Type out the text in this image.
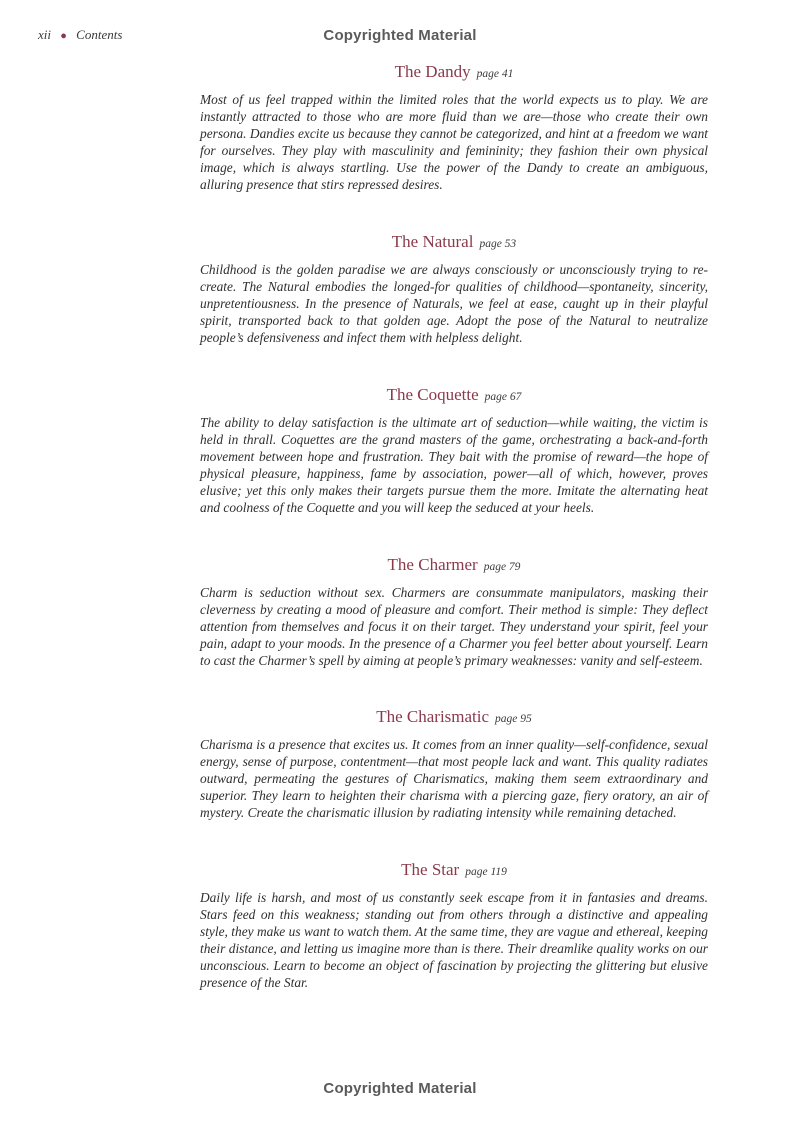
xii ● Contents	Copyrighted Material
The Dandy page 41

Most of us feel trapped within the limited roles that the world expects us to play. We are instantly attracted to those who are more fluid than we are—those who create their own persona. Dandies excite us because they cannot be categorized, and hint at a freedom we want for ourselves. They play with masculinity and femininity; they fashion their own physical image, which is always startling. Use the power of the Dandy to create an ambiguous, alluring presence that stirs repressed desires.

The Natural page 53

Childhood is the golden paradise we are always consciously or unconsciously trying to re-create. The Natural embodies the longed-for qualities of childhood—spontaneity, sincerity, unpretentiousness. In the presence of Naturals, we feel at ease, caught up in their playful spirit, transported back to that golden age. Adopt the pose of the Natural to neutralize people’s defensiveness and infect them with helpless delight.

The Coquette page 67

The ability to delay satisfaction is the ultimate art of seduction—while waiting, the victim is held in thrall. Coquettes are the grand masters of the game, orchestrating a back-and-forth movement between hope and frustration. They bait with the promise of reward—the hope of physical pleasure, happiness, fame by association, power—all of which, however, proves elusive; yet this only makes their targets pursue them the more. Imitate the alternating heat and coolness of the Coquette and you will keep the seduced at your heels.

The Charmer page 79

Charm is seduction without sex. Charmers are consummate manipulators, masking their cleverness by creating a mood of pleasure and comfort. Their method is simple: They deflect attention from themselves and focus it on their target. They understand your spirit, feel your pain, adapt to your moods. In the presence of a Charmer you feel better about yourself. Learn to cast the Charmer’s spell by aiming at people’s primary weaknesses: vanity and self-esteem.

The Charismatic page 95

Charisma is a presence that excites us. It comes from an inner quality—self-confidence, sexual energy, sense of purpose, contentment—that most people lack and want. This quality radiates outward, permeating the gestures of Charismatics, making them seem extraordinary and superior. They learn to heighten their charisma with a piercing gaze, fiery oratory, an air of mystery. Create the charismatic illusion by radiating intensity while remaining detached.

The Star page 119

Daily life is harsh, and most of us constantly seek escape from it in fantasies and dreams. Stars feed on this weakness; standing out from others through a distinctive and appealing style, they make us want to watch them. At the same time, they are vague and ethereal, keeping their distance, and letting us imagine more than is there. Their dreamlike quality works on our unconscious. Learn to become an object of fascination by projecting the glittering but elusive presence of the Star.

Copyrighted Material
